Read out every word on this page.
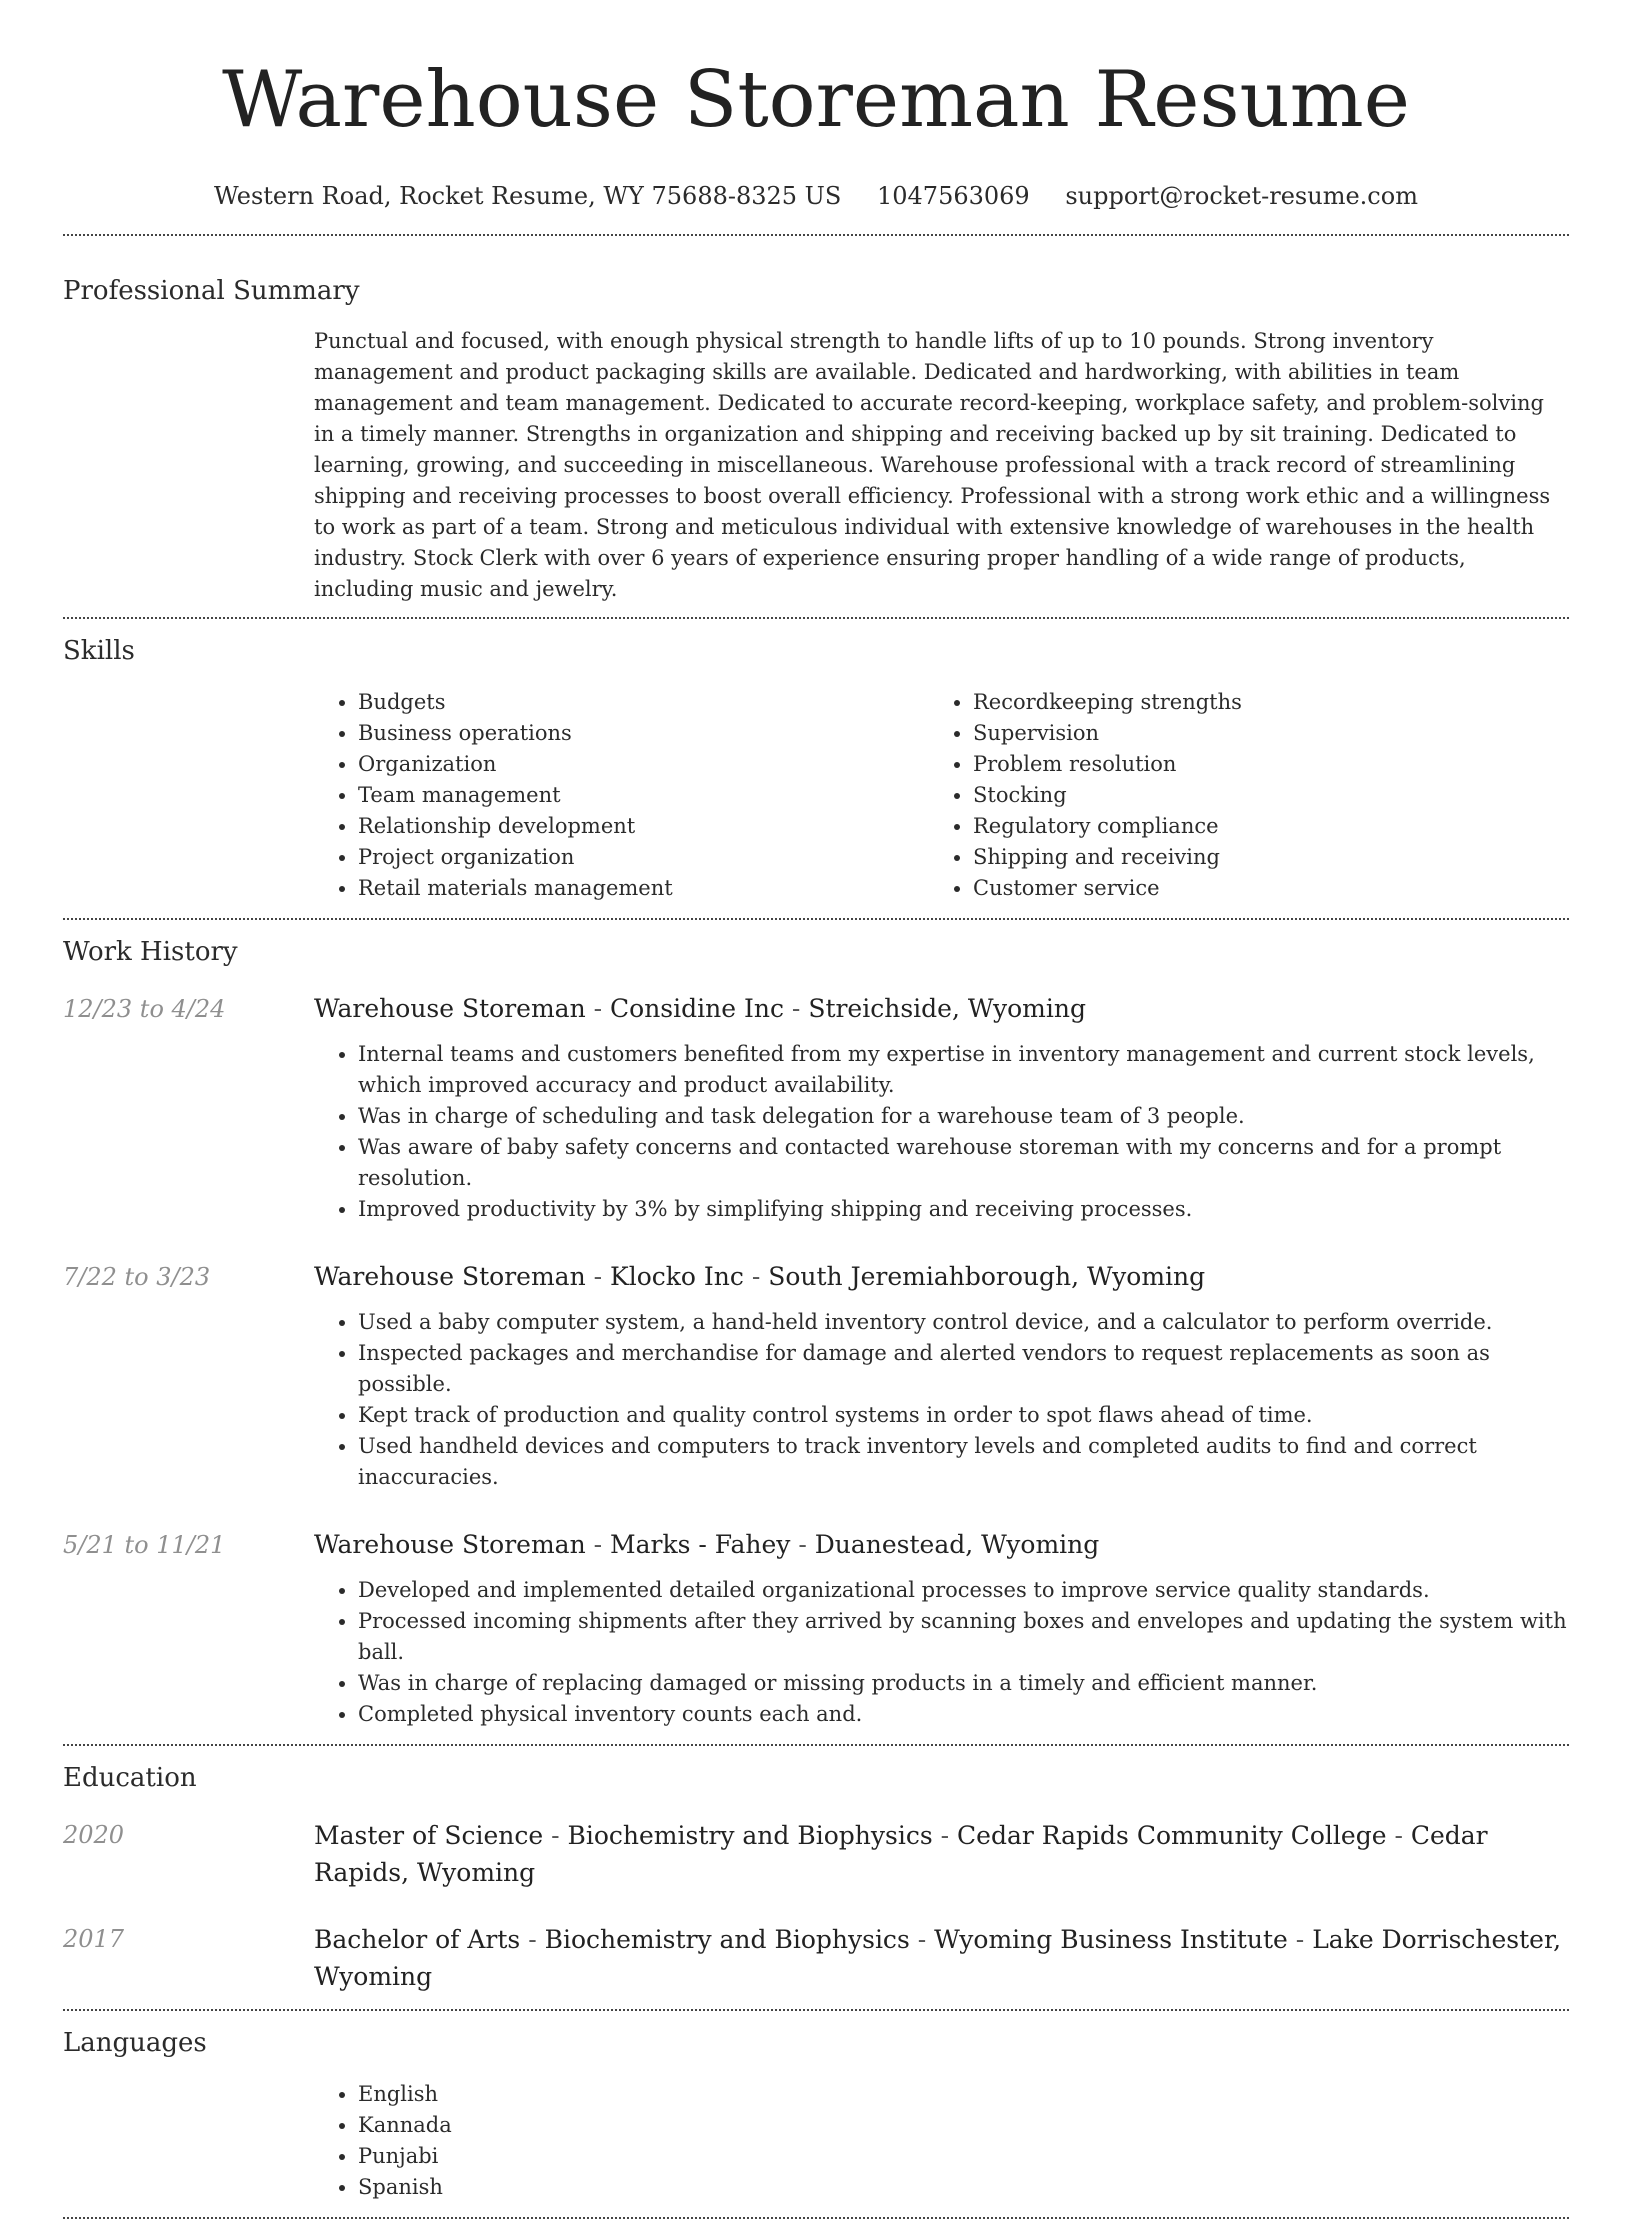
Warehouse Storeman Resume
Western Road, Rocket Resume, WY 75688-8325 US 1047563069 support@rocket-resume.com
Professional Summary

Punctual and focused, with enough physical strength to handle lifts of up to 10 pounds. Strong inventory management and product packaging skills are available. Dedicated and hardworking, with abilities in team management and team management. Dedicated to accurate record-keeping, workplace safety, and problem-solving in a timely manner. Strengths in organization and shipping and receiving backed up by sit training. Dedicated to learning, growing, and succeeding in miscellaneous. Warehouse professional with a track record of streamlining shipping and receiving processes to boost overall efficiency. Professional with a strong work ethic and a willingness to work as part of a team. Strong and meticulous individual with extensive knowledge of warehouses in the health industry. Stock Clerk with over 6 years of experience ensuring proper handling of a wide range of products, including music and jewelry.

Skills
• Budgets
• Business operations
• Organization
• Team management
• Relationship development
• Project organization
• Retail materials management
• Recordkeeping strengths
• Supervision
• Problem resolution
• Stocking
• Regulatory compliance
• Shipping and receiving
• Customer service
Work History
12/23 to 4/24	Warehouse Storeman - Considine Inc - Streichside, Wyoming

• Internal teams and customers benefited from my expertise in inventory management and current stock levels, which improved accuracy and product availability.
• Was in charge of scheduling and task delegation for a warehouse team of 3 people.
• Was aware of baby safety concerns and contacted warehouse storeman with my concerns and for a prompt resolution.
• Improved productivity by 3% by simplifying shipping and receiving processes.
7/22 to 3/23	Warehouse Storeman - Klocko Inc - South Jeremiahborough, Wyoming

• Used a baby computer system, a hand-held inventory control device, and a calculator to perform override.
• Inspected packages and merchandise for damage and alerted vendors to request replacements as soon as possible.
• Kept track of production and quality control systems in order to spot flaws ahead of time.
• Used handheld devices and computers to track inventory levels and completed audits to find and correct inaccuracies.
5/21 to 11/21	Warehouse Storeman - Marks - Fahey - Duanestead, Wyoming

• Developed and implemented detailed organizational processes to improve service quality standards.
• Processed incoming shipments after they arrived by scanning boxes and envelopes and updating the system with ball.
• Was in charge of replacing damaged or missing products in a timely and efficient manner.
• Completed physical inventory counts each and.
Education
2020	Master of Science - Biochemistry and Biophysics - Cedar Rapids Community College - Cedar Rapids, Wyoming

2017	Bachelor of Arts - Biochemistry and Biophysics - Wyoming Business Institute - Lake Dorrischester, Wyoming

Languages
• English
• Kannada
• Punjabi
• Spanish
